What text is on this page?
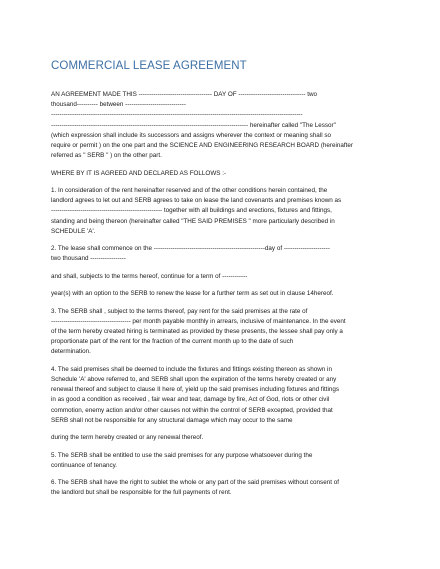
COMMERCIAL LEASE AGREEMENT

AN AGREEMENT MADE THIS ----------------------------------- DAY OF -------------------------------- two
thousand---------- between -----------------------------
------------------------------------------------------------------------------------------------------------------------
---------------------------------------------------------------------------------------------- hereinafter called "The Lessor"
(which expression shall include its successors and assigns wherever the context or meaning shall so
require or permit ) on the one part and the SCIENCE AND ENGINEERING RESEARCH BOARD (hereinafter
referred as " SERB " ) on the other part.

WHERE BY IT IS AGREED AND DECLARED AS FOLLOWS :-

1. In consideration of the rent hereinafter reserved and of the other conditions herein contained, the
landlord agrees to let out and SERB agrees to take on lease the land covenants and premises known as
----------------------------------------------------- together with all buildings and erections, fixtures and fittings,
standing and being thereon (hereinafter called "THE SAID PREMISES " more particularly described in
SCHEDULE 'A'.

2. The lease shall commence on the -----------------------------------------------------day of ----------------------
two thousand -----------------

and shall, subjects to the terms hereof, continue for a term of ------------

year(s) with an option to the SERB to renew the lease for a further term as set out in clause 14hereof.

3. The SERB shall , subject to the terms thereof, pay rent for the said premises at the rate of
-------------------------------------- per month payable monthly in arrears, inclusive of maintenance. In the event
of the term hereby created hiring is terminated as provided by these presents, the lessee shall pay only a
proportionate part of the rent for the fraction of the current month up to the date of such
determination.

4. The said premises shall be deemed to include the fixtures and fittings existing thereon as shown in
Schedule 'A' above referred to, and SERB shall upon the expiration of the terms hereby created or any
renewal thereof and subject to clause II here of, yield up the said premises including fixtures and fittings
in as good a condition as received , fair wear and tear, damage by fire, Act of God, riots or other civil
commotion, enemy action and/or other causes not within the control of SERB excepted, provided that
SERB shall not be responsible for any structural damage which may occur to the same

during the term hereby created or any renewal thereof.

5. The SERB shall be entitled to use the said premises for any purpose whatsoever during the
continuance of tenancy.

6. The SERB shall have the right to sublet the whole or any part of the said premises without consent of
the landlord but shall be responsible for the full payments of rent.
